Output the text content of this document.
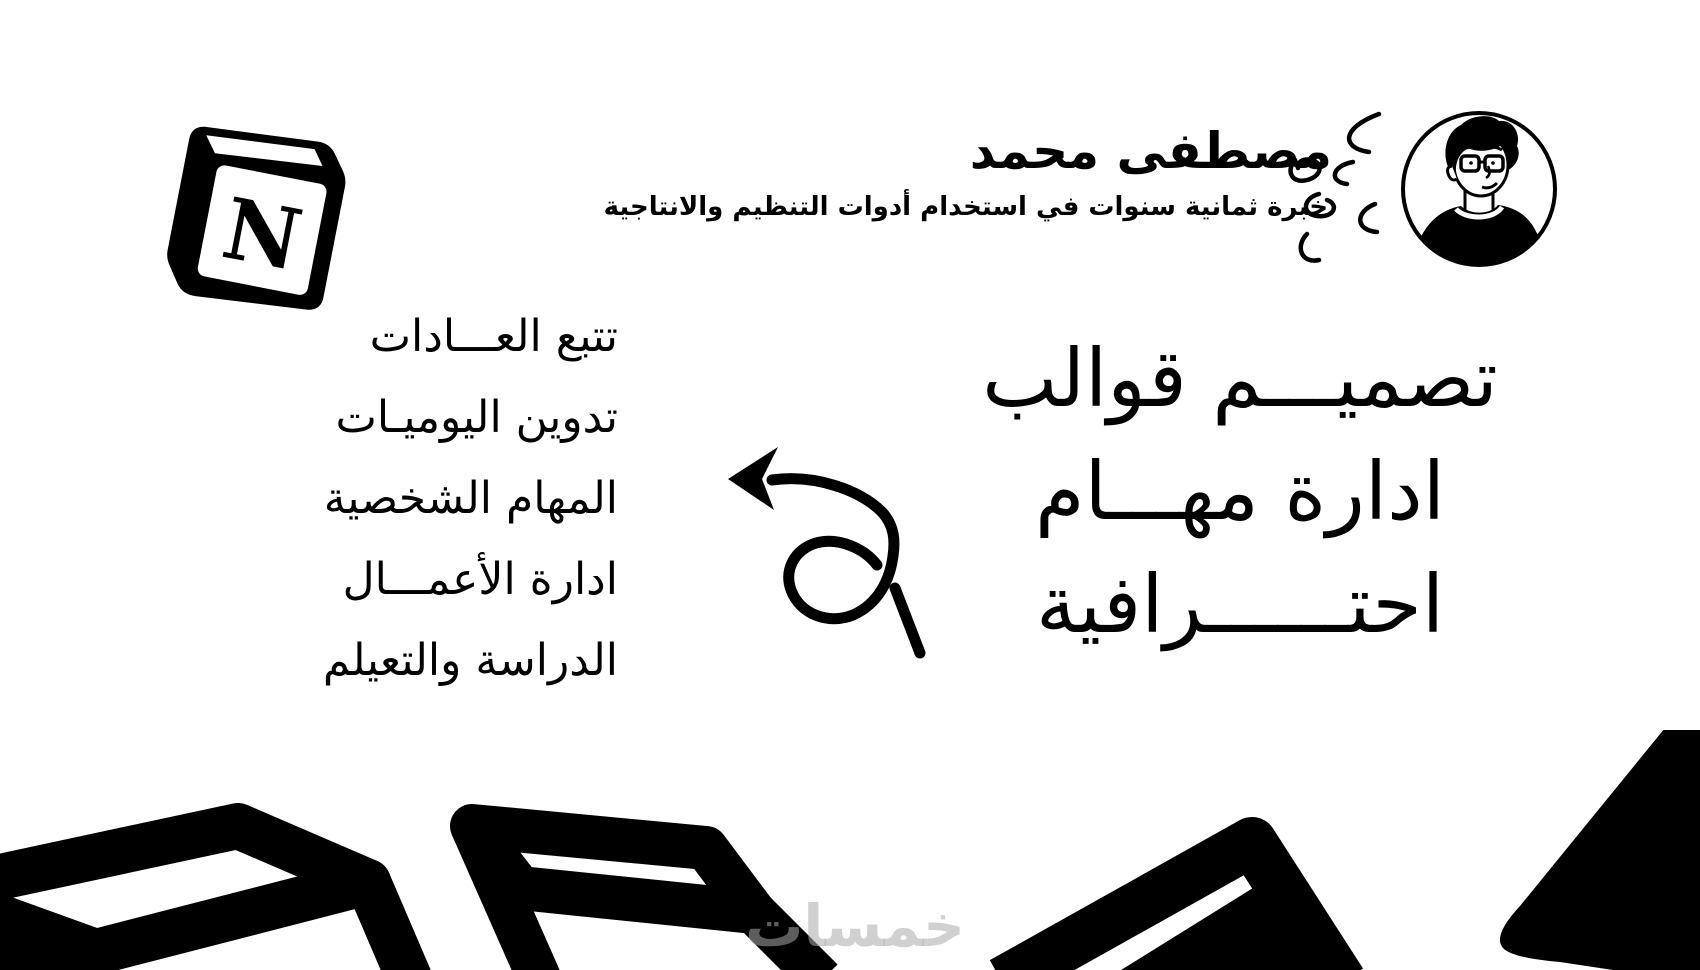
N
مصطفى محمد
خبرة ثمانية سنوات في استخدام أدوات التنظيم والانتاجية
تتبع العـــادات
تدوين اليوميـات
المهام الشخصية
ادارة الأعمـــال
الدراسة والتعيلم
تصميـــم قوالب
ادارة مهـــام
احتــــــرافية
خمسات
